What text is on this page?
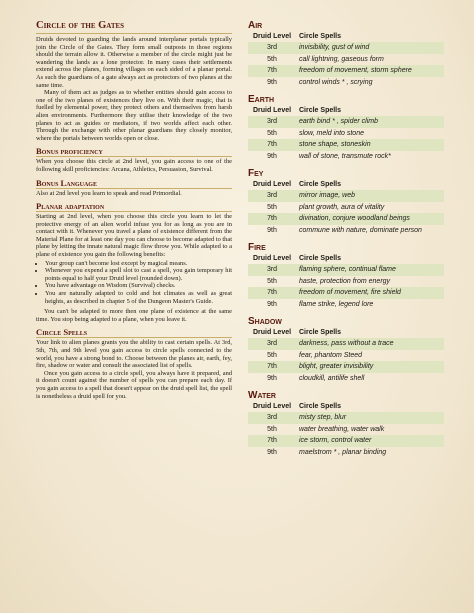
Circle of the Gates

Druids devoted to guarding the lands around interplanar portals typically join the Circle of the Gates. They form small outposts in those regions should the terrain allow it. Otherwise a member of the circle might just be wandering the lands as a lone protector. In many cases their settlements extend across the planes, forming villages on each sided of a planar portal. As such the guardians of a gate always act as protectors of two planes at the same time.

Many of them act as judges as to whether entities should gain access to one of the two planes of existences they live on. With their magic, that is fuelled by elemental power, they protect others and themselves from harsh alien environments. Furthermore they utilise their knowledge of the two planes to act as guides or mediators, if two worlds affect each other. Through the exchange with other planar guardians they closely monitor, where the portals between worlds open or close.

Bonus proficiency

When you choose this circle at 2nd level, you gain access to one of the following skill proficiencies: Arcana, Athletics, Persuasion, Survival.

Bonus Language

Also at 2nd level you learn to speak and read Primordial.

Planar adaptation

Starting at 2nd level, when you choose this circle you learn to let the protective energy of an alien world infuse you for as long as you are in contact with it. Whenever you travel a plane of existence different from the Material Plane for at least one day you can choose to become adapted to that plane by letting the innate natural magic flow throw you. While adapted to a plane of existence you gain the following benefits:

• Your group can't become lost except by magical means.
• Whenever you expend a spell slot to cast a spell, you gain temporary hit points equal to half your Druid level (rounded down).
• You have advantage on Wisdom (Survival) checks.
• You are naturally adapted to cold and hot climates as well as great heights, as described in chapter 5 of the Dungeon Master's Guide.

You can't be adapted to more then one plane of existence at the same time. You stop being adapted to a plane, when you leave it.

Circle Spells

Your link to alien planes grants you the ability to cast certain spells. At 3rd, 5th, 7th, and 9th level you gain access to circle spells connected to the world, you have a strong bond to. Choose between the planes air, earth, fey, fire, shadow or water and consult the associated list of spells.

Once you gain access to a circle spell, you always have it prepared, and it doesn't count against the number of spells you can prepare each day. If you gain access to a spell that doesn't appear on the druid spell list, the spell is nonetheless a druid spell for you.

Air
Druid Level	Circle Spells
3rd	invisibility, gust of wind
5th	call lightning, gaseous form
7th	freedom of movement, storm sphere
9th	control winds * , scrying
Earth
Druid Level	Circle Spells
3rd	earth bind * , spider climb
5th	slow, meld into stone
7th	stone shape, stoneskin
9th	wall of stone, transmute rock*
Fey
Druid Level	Circle Spells
3rd	mirror image, web
5th	plant growth, aura of vitality
7th	divination, conjure woodland beings
9th	commune with nature, dominate person
Fire
Druid Level	Circle Spells
3rd	flaming sphere, continual flame
5th	haste, protection from energy
7th	freedom of movement, fire shield
9th	flame strike, legend lore
Shadow
Druid Level	Circle Spells
3rd	darkness, pass without a trace
5th	fear, phantom Steed
7th	blight, greater invisibility
9th	cloudkill, antilife shell
Water
Druid Level	Circle Spells
3rd	misty step, blur
5th	water breathing, water walk
7th	ice storm, control water
9th	maelstrom * , planar binding
